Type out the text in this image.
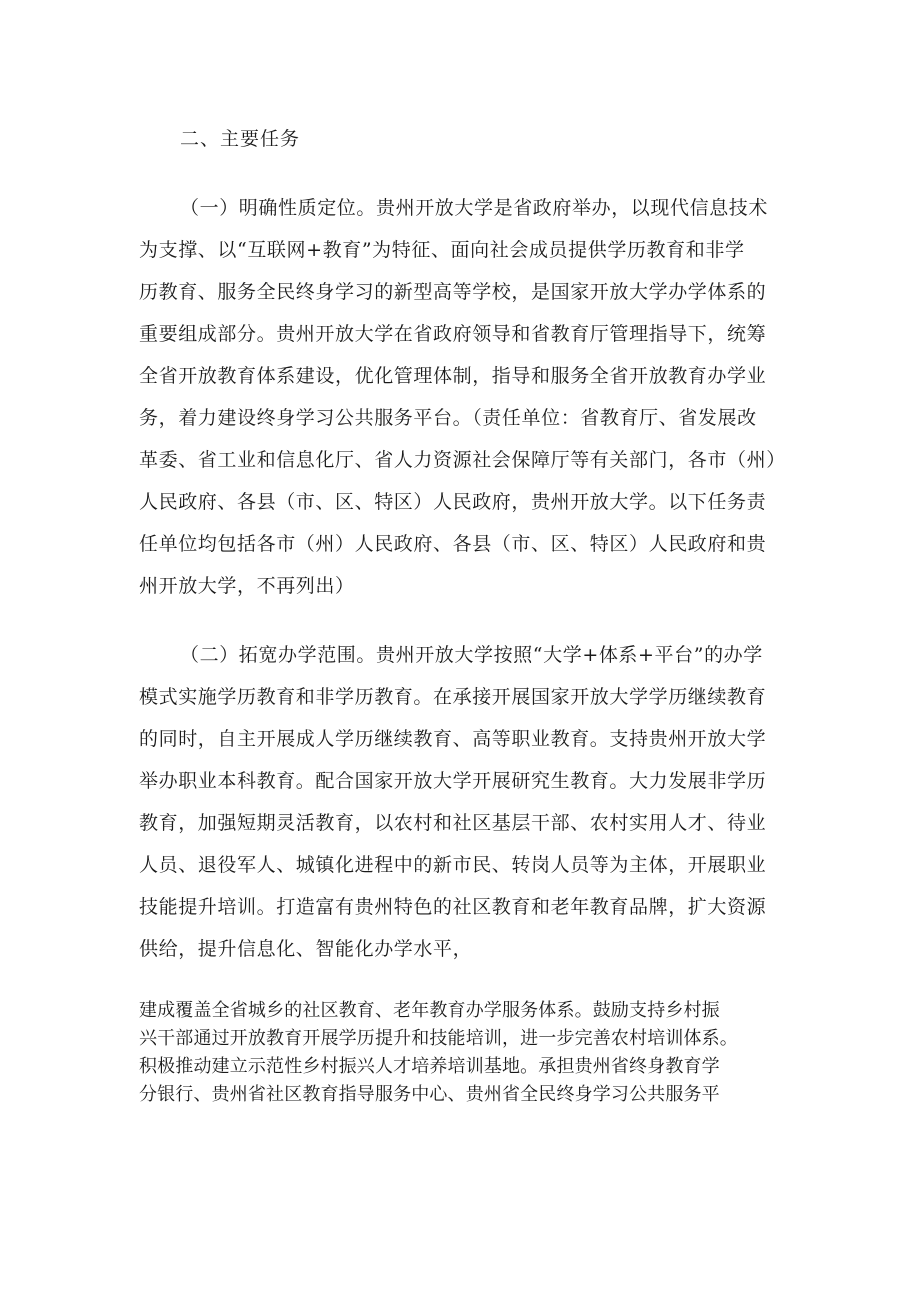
二、主要任务
（一）明确性质定位。贵州开放大学是省政府举办，以现代信息技术
为支撑、以“互联网+教育”为特征、面向社会成员提供学历教育和非学
历教育、服务全民终身学习的新型高等学校，是国家开放大学办学体系的
重要组成部分。贵州开放大学在省政府领导和省教育厅管理指导下，统筹
全省开放教育体系建设，优化管理体制，指导和服务全省开放教育办学业
务，着力建设终身学习公共服务平台。（责任单位：省教育厅、省发展改
革委、省工业和信息化厅、省人力资源社会保障厅等有关部门，各市（州）
人民政府、各县（市、区、特区）人民政府，贵州开放大学。以下任务责
任单位均包括各市（州）人民政府、各县（市、区、特区）人民政府和贵
州开放大学，不再列出）
（二）拓宽办学范围。贵州开放大学按照“大学+体系+平台”的办学
模式实施学历教育和非学历教育。在承接开展国家开放大学学历继续教育
的同时，自主开展成人学历继续教育、高等职业教育。支持贵州开放大学
举办职业本科教育。配合国家开放大学开展研究生教育。大力发展非学历
教育，加强短期灵活教育，以农村和社区基层干部、农村实用人才、待业
人员、退役军人、城镇化进程中的新市民、转岗人员等为主体，开展职业
技能提升培训。打造富有贵州特色的社区教育和老年教育品牌，扩大资源
供给，提升信息化、智能化办学水平，
建成覆盖全省城乡的社区教育、老年教育办学服务体系。鼓励支持乡村振
兴干部通过开放教育开展学历提升和技能培训，进一步完善农村培训体系。
积极推动建立示范性乡村振兴人才培养培训基地。承担贵州省终身教育学
分银行、贵州省社区教育指导服务中心、贵州省全民终身学习公共服务平
